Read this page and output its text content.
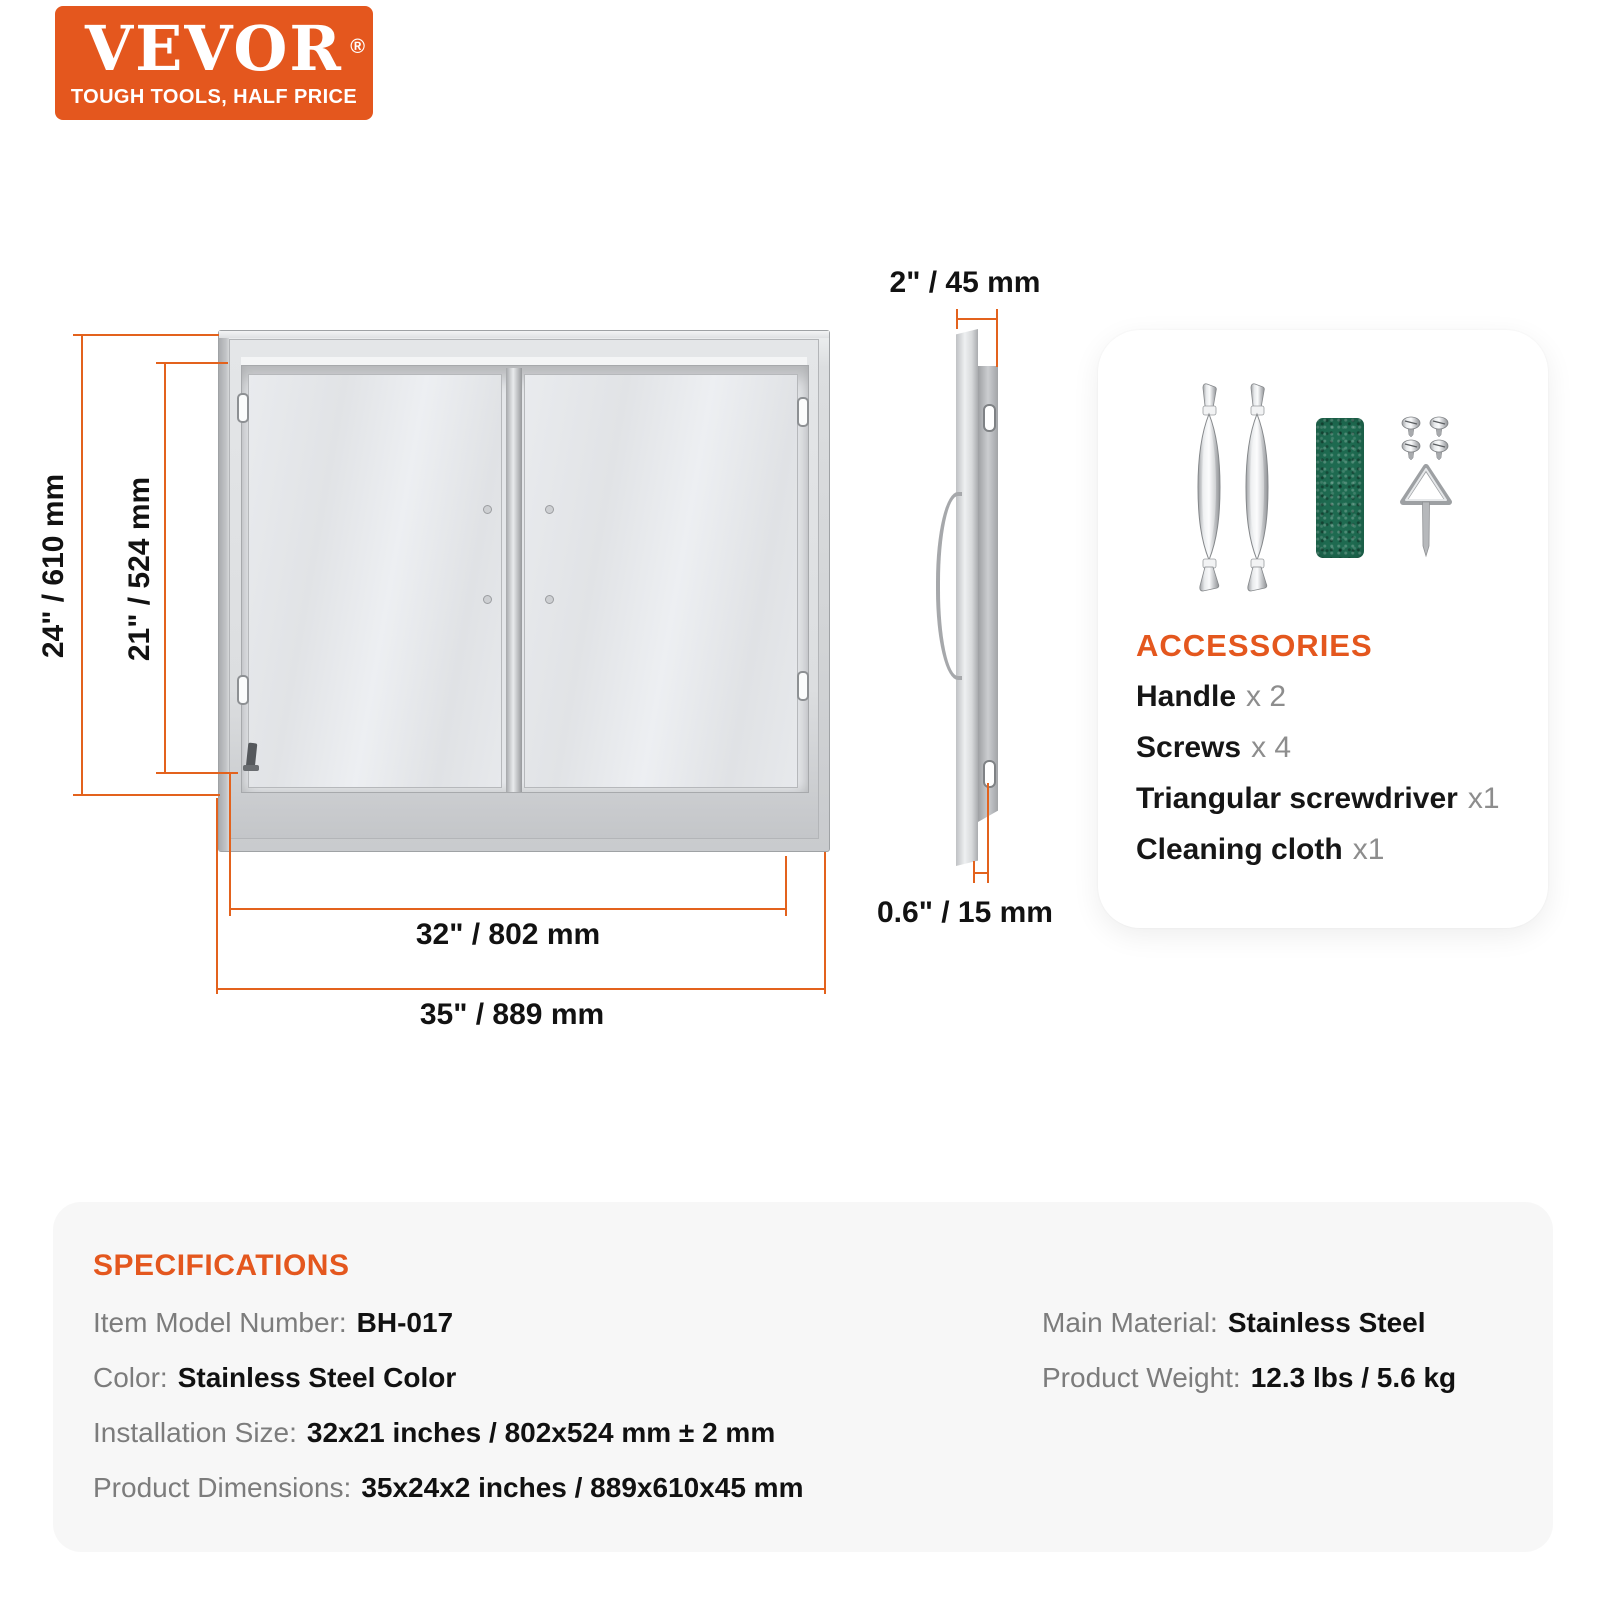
VEVOR ®
TOUGH TOOLS, HALF PRICE
24" / 610 mm 21" / 524 mm
32" / 802 mm
35" / 889 mm
2" / 45 mm
0.6" / 15 mm
ACCESSORIES
Handle x 2
Screws x 4
Triangular screwdriver x1
Cleaning cloth x1
SPECIFICATIONS
Item Model Number: BH-017
Color: Stainless Steel Color
Installation Size: 32x21 inches / 802x524 mm ± 2 mm
Product Dimensions: 35x24x2 inches / 889x610x45 mm
Main Material: Stainless Steel
Product Weight: 12.3 lbs / 5.6 kg
